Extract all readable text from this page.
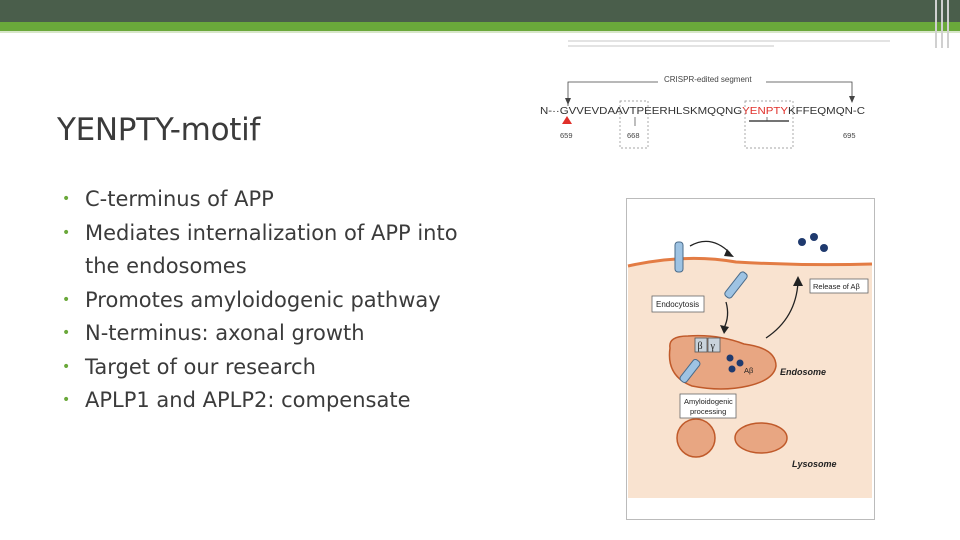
YENPTY-motif
• C-terminus of APP
• Mediates internalization of APP into the endosomes
• Promotes amyloidogenic pathway
• N-terminus: axonal growth
• Target of our research
• APLP1 and APLP2: compensate
CRISPR-edited segment
N-··GVVEVDAAVTPEERHLSKMQQNG YENPTY KFFEQMQN-C
659	668	695
Endocytosis
Release of Aβ
β γ
Aβ	Endosome
Amyloidogenic
processing
Lysosome
